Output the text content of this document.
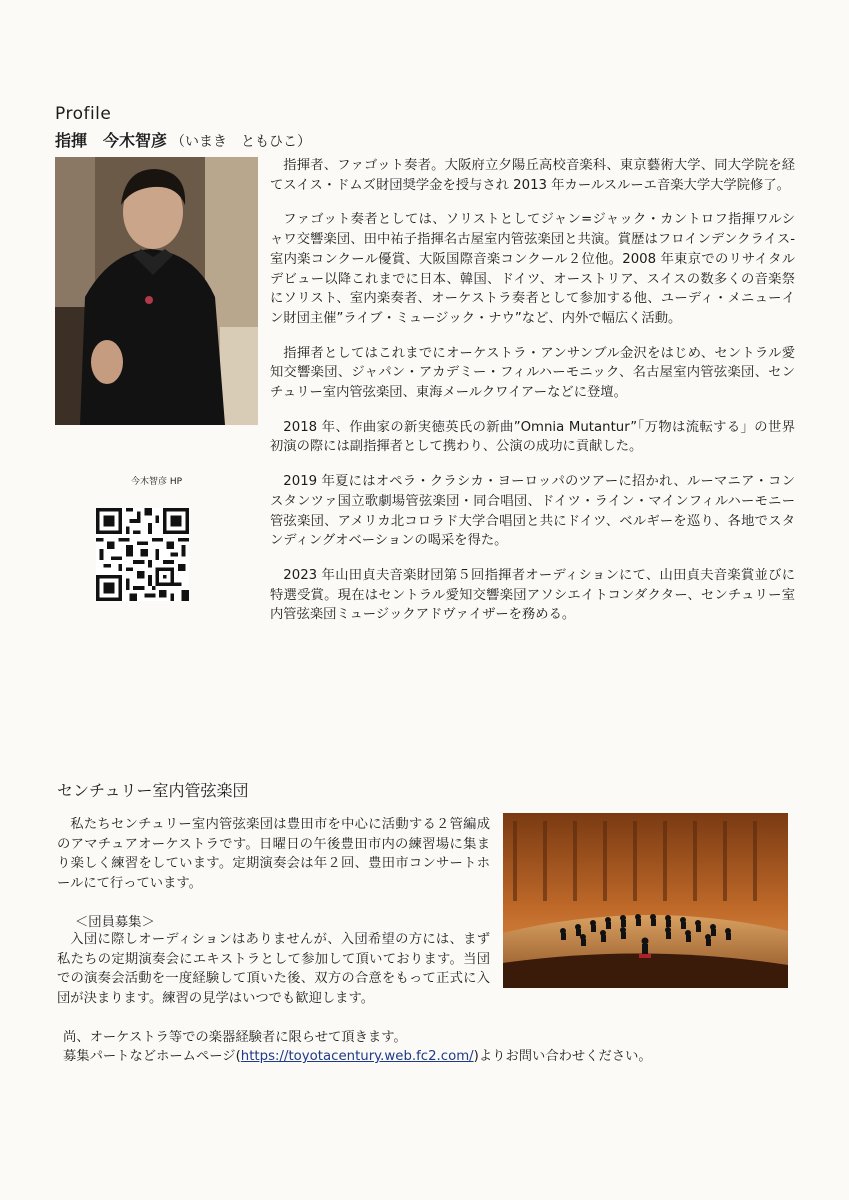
Profile
指揮　今木智彦 （いまき　ともひこ）
今木智彦 HP

指揮者、ファゴット奏者。大阪府立夕陽丘高校音楽科、東京藝術大学、同大学院を経てスイス・ドムズ財団奨学金を授与され 2013 年カールスルーエ音楽大学大学院修了。

ファゴット奏者としては、ソリストとしてジャン=ジャック・カントロフ指揮ワルシャワ交響楽団、田中祐子指揮名古屋室内管弦楽団と共演。賞歴はフロインデンクライス-室内楽コンクール優賞、大阪国際音楽コンクール２位他。2008 年東京でのリサイタルデビュー以降これまでに日本、韓国、ドイツ、オーストリア、スイスの数多くの音楽祭にソリスト、室内楽奏者、オーケストラ奏者として参加する他、ユーディ・メニューイン財団主催”ライブ・ミュージック・ナウ”など、内外で幅広く活動。

指揮者としてはこれまでにオーケストラ・アンサンブル金沢をはじめ、セントラル愛知交響楽団、ジャパン・アカデミー・フィルハーモニック、名古屋室内管弦楽団、センチュリー室内管弦楽団、東海メールクワイアーなどに登壇。

2018 年、作曲家の新実徳英氏の新曲”Omnia Mutantur”「万物は流転する」の世界初演の際には副指揮者として携わり、公演の成功に貢献した。

2019 年夏にはオペラ・クラシカ・ヨーロッパのツアーに招かれ、ルーマニア・コンスタンツァ国立歌劇場管弦楽団・同合唱団、ドイツ・ライン・マインフィルハーモニー管弦楽団、アメリカ北コロラド大学合唱団と共にドイツ、ベルギーを巡り、各地でスタンディングオベーションの喝采を得た。

2023 年山田貞夫音楽財団第５回指揮者オーディションにて、山田貞夫音楽賞並びに特選受賞。現在はセントラル愛知交響楽団アソシエイトコンダクター、センチュリー室内管弦楽団ミュージックアドヴァイザーを務める。

センチュリー室内管弦楽団

私たちセンチュリー室内管弦楽団は豊田市を中心に活動する２管編成のアマチュアオーケストラです。日曜日の午後豊田市内の練習場に集まり楽しく練習をしています。定期演奏会は年２回、豊田市コンサートホールにて行っています。

＜団員募集＞

入団に際しオーディションはありませんが、入団希望の方には、まず私たちの定期演奏会にエキストラとして参加して頂いております。当団での演奏会活動を一度経験して頂いた後、双方の合意をもって正式に入団が決まります。練習の見学はいつでも歓迎します。

尚、オーケストラ等での楽器経験者に限らせて頂きます。
募集パートなどホームページ(https://toyotacentury.web.fc2.com/)よりお問い合わせください。
